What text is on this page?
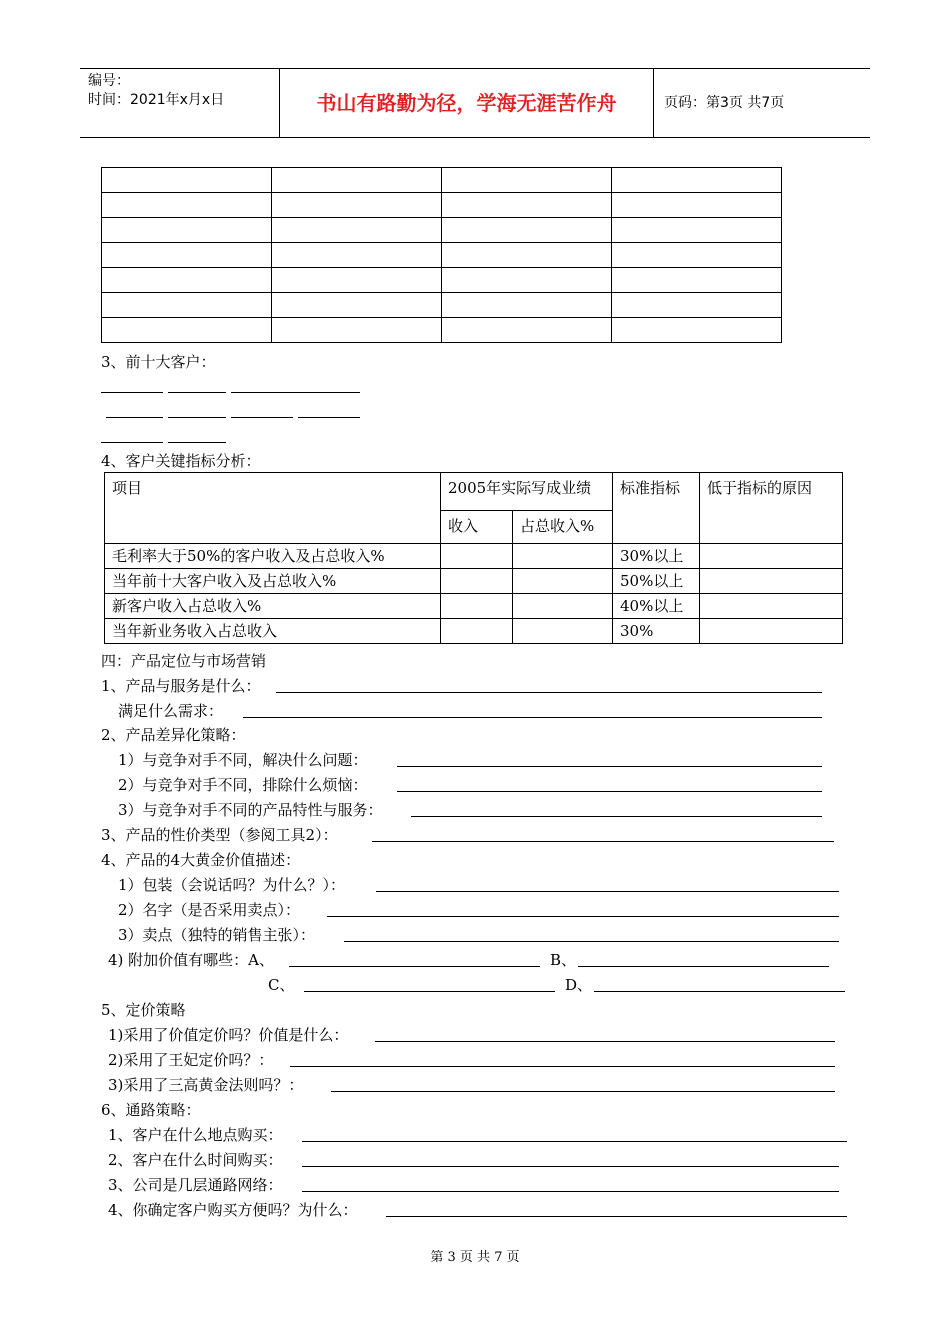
编号：
时间：2021年x月x日	书山有路勤为径，学海无涯苦作舟	页码：第3页 共7页

3、前十大客户：
4、客户关键指标分析：
项目	2005年实际写成业绩		标准指标	低于指标的原因
	收入	占总收入%		
毛利率大于50%的客户收入及占总收入%			30%以上	
当年前十大客户收入及占总收入%			50%以上	
新客户收入占总收入%			40%以上	
当年新业务收入占总收入			30%	
四：产品定位与市场营销
1、产品与服务是什么：
满足什么需求：
2、产品差异化策略：
1）与竞争对手不同，解决什么问题：
2）与竞争对手不同，排除什么烦恼：
3）与竞争对手不同的产品特性与服务：
3、产品的性价类型（参阅工具2）：
4、产品的4大黄金价值描述：
1）包装（会说话吗？为什么？）：
2）名字（是否采用卖点）：
3）卖点（独特的销售主张）：
4) 附加价值有哪些：A、	B、
C、	D、
5、定价策略
1)采用了价值定价吗？价值是什么：
2)采用了王妃定价吗？：
3)采用了三高黄金法则吗？：
6、通路策略：
1、客户在什么地点购买：
2、客户在什么时间购买：
3、公司是几层通路网络：
4、你确定客户购买方便吗？为什么：
第 3 页 共 7 页
